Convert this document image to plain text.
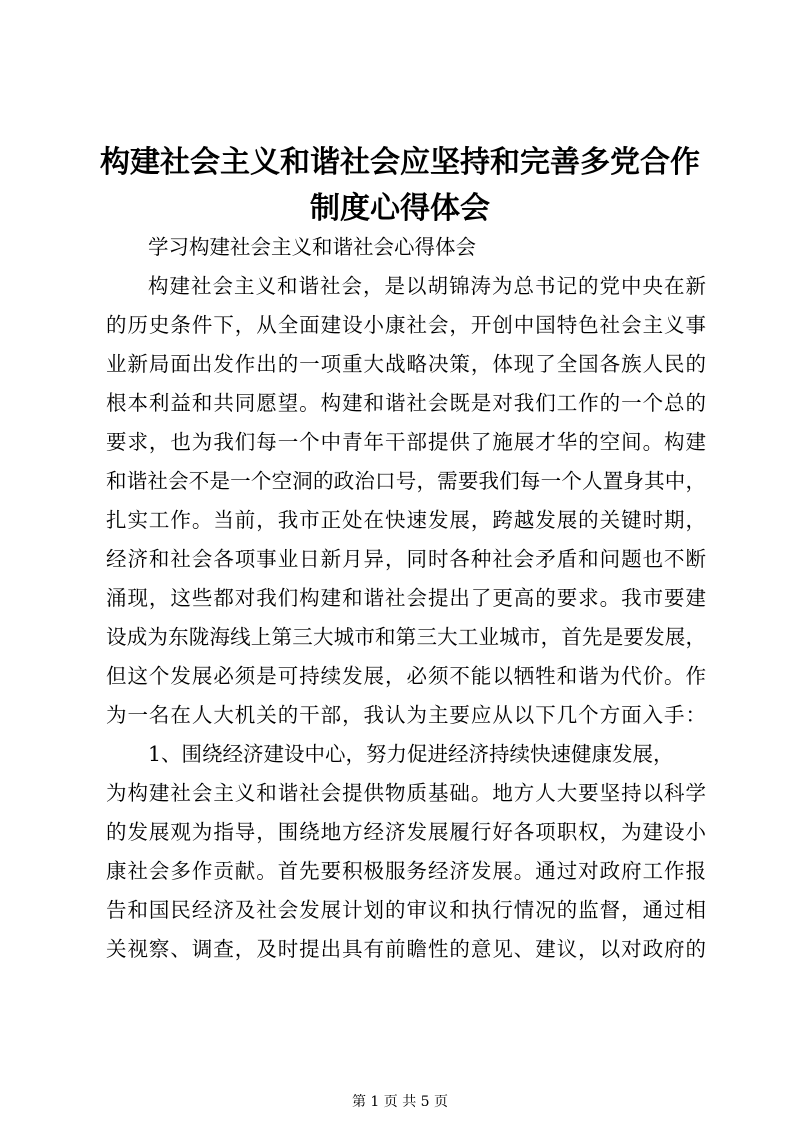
构建社会主义和谐社会应坚持和完善多党合作
制度心得体会
学习构建社会主义和谐社会心得体会
构建社会主义和谐社会，是以胡锦涛为总书记的党中央在新
的历史条件下，从全面建设小康社会，开创中国特色社会主义事
业新局面出发作出的一项重大战略决策，体现了全国各族人民的
根本利益和共同愿望。构建和谐社会既是对我们工作的一个总的
要求，也为我们每一个中青年干部提供了施展才华的空间。构建
和谐社会不是一个空洞的政治口号，需要我们每一个人置身其中，
扎实工作。当前，我市正处在快速发展，跨越发展的关键时期，
经济和社会各项事业日新月异，同时各种社会矛盾和问题也不断
涌现，这些都对我们构建和谐社会提出了更高的要求。我市要建
设成为东陇海线上第三大城市和第三大工业城市，首先是要发展，
但这个发展必须是可持续发展，必须不能以牺牲和谐为代价。作
为一名在人大机关的干部，我认为主要应从以下几个方面入手：
1、围绕经济建设中心，努力促进经济持续快速健康发展，
为构建社会主义和谐社会提供物质基础。地方人大要坚持以科学
的发展观为指导，围绕地方经济发展履行好各项职权，为建设小
康社会多作贡献。首先要积极服务经济发展。通过对政府工作报
告和国民经济及社会发展计划的审议和执行情况的监督，通过相
关视察、调查，及时提出具有前瞻性的意见、建议，以对政府的
第 1 页 共 5 页
